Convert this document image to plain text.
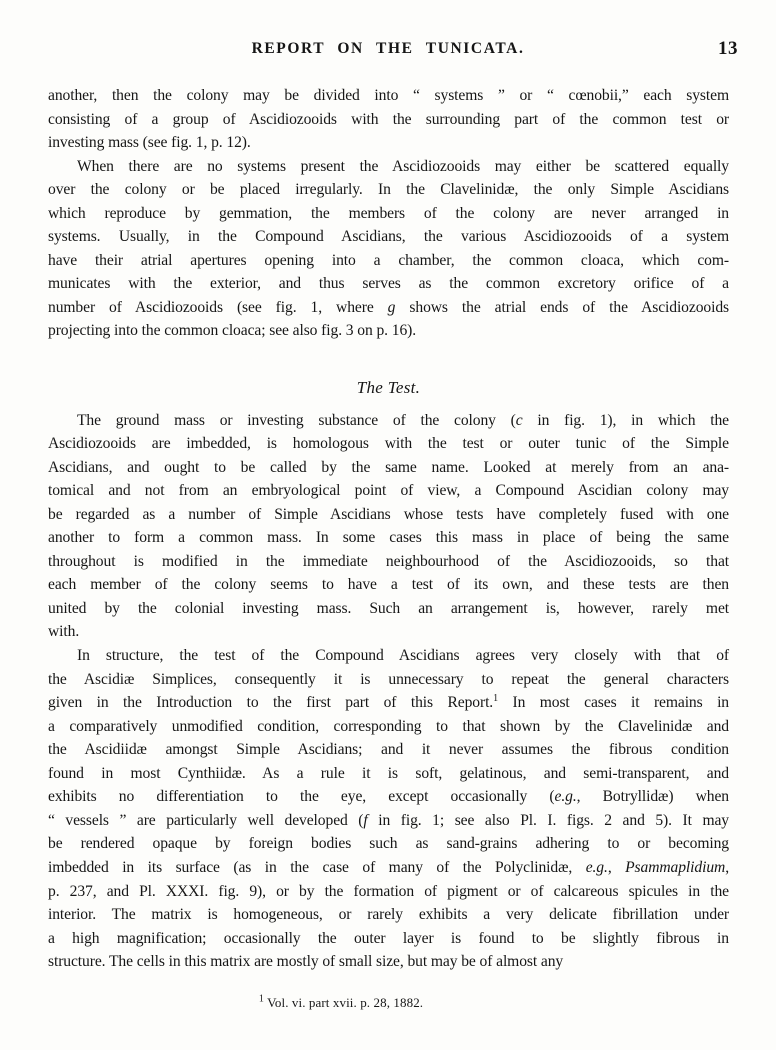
REPORT ON THE TUNICATA.	13
another, then the colony may be divided into “ systems ” or “ cœnobii,” each system
consisting of a group of Ascidiozooids with the surrounding part of the common test or
investing mass (see fig. 1, p. 12).
When there are no systems present the Ascidiozooids may either be scattered equally
over the colony or be placed irregularly. In the Clavelinidæ, the only Simple Ascidians
which reproduce by gemmation, the members of the colony are never arranged in
systems. Usually, in the Compound Ascidians, the various Ascidiozooids of a system
have their atrial apertures opening into a chamber, the common cloaca, which com-
municates with the exterior, and thus serves as the common excretory orifice of a
number of Ascidiozooids (see fig. 1, where g shows the atrial ends of the Ascidiozooids
projecting into the common cloaca; see also fig. 3 on p. 16).
The Test.
The ground mass or investing substance of the colony (c in fig. 1), in which the
Ascidiozooids are imbedded, is homologous with the test or outer tunic of the Simple
Ascidians, and ought to be called by the same name. Looked at merely from an ana-
tomical and not from an embryological point of view, a Compound Ascidian colony may
be regarded as a number of Simple Ascidians whose tests have completely fused with one
another to form a common mass. In some cases this mass in place of being the same
throughout is modified in the immediate neighbourhood of the Ascidiozooids, so that
each member of the colony seems to have a test of its own, and these tests are then
united by the colonial investing mass. Such an arrangement is, however, rarely met
with.
In structure, the test of the Compound Ascidians agrees very closely with that of
the Ascidiæ Simplices, consequently it is unnecessary to repeat the general characters
given in the Introduction to the first part of this Report.$^1$ In most cases it remains in
a comparatively unmodified condition, corresponding to that shown by the Clavelinidæ and
the Ascidiidæ amongst Simple Ascidians; and it never assumes the fibrous condition
found in most Cynthiidæ. As a rule it is soft, gelatinous, and semi-transparent, and
exhibits no differentiation to the eye, except occasionally (e.g., Botryllidæ) when
“ vessels ” are particularly well developed (f in fig. 1; see also Pl. I. figs. 2 and 5). It may
be rendered opaque by foreign bodies such as sand-grains adhering to or becoming
imbedded in its surface (as in the case of many of the Polyclinidæ, e.g., Psammaplidium,
p. 237, and Pl. XXXI. fig. 9), or by the formation of pigment or of calcareous spicules in the
interior. The matrix is homogeneous, or rarely exhibits a very delicate fibrillation under
a high magnification; occasionally the outer layer is found to be slightly fibrous in
structure. The cells in this matrix are mostly of small size, but may be of almost any
$^1$ Vol. vi. part xvii. p. 28, 1882.
